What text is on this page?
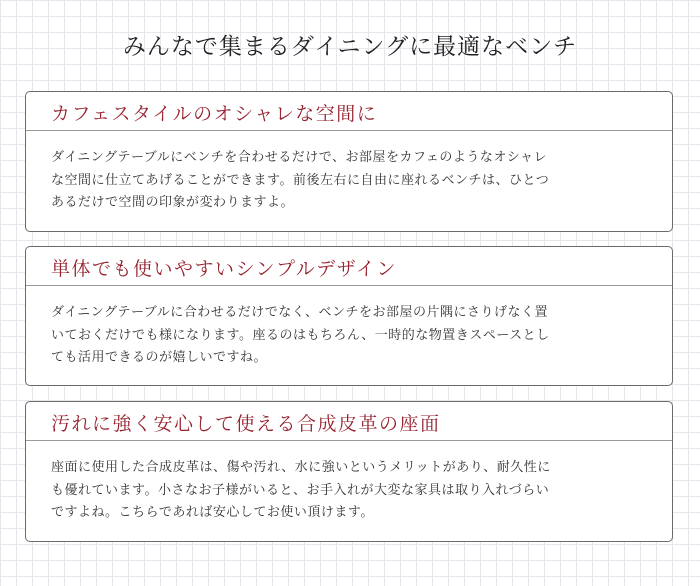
みんなで集まるダイニングに最適なベンチ
カフェスタイルのオシャレな空間に

ダイニングテーブルにベンチを合わせるだけで、お部屋をカフェのようなオシャレ
な空間に仕立てあげることができます。前後左右に自由に座れるベンチは、ひとつ
あるだけで空間の印象が変わりますよ。

単体でも使いやすいシンプルデザイン

ダイニングテーブルに合わせるだけでなく、ベンチをお部屋の片隅にさりげなく置
いておくだけでも様になります。座るのはもちろん、一時的な物置きスペースとし
ても活用できるのが嬉しいですね。

汚れに強く安心して使える合成皮革の座面

座面に使用した合成皮革は、傷や汚れ、水に強いというメリットがあり、耐久性に
も優れています。小さなお子様がいると、お手入れが大変な家具は取り入れづらい
ですよね。こちらであれば安心してお使い頂けます。
